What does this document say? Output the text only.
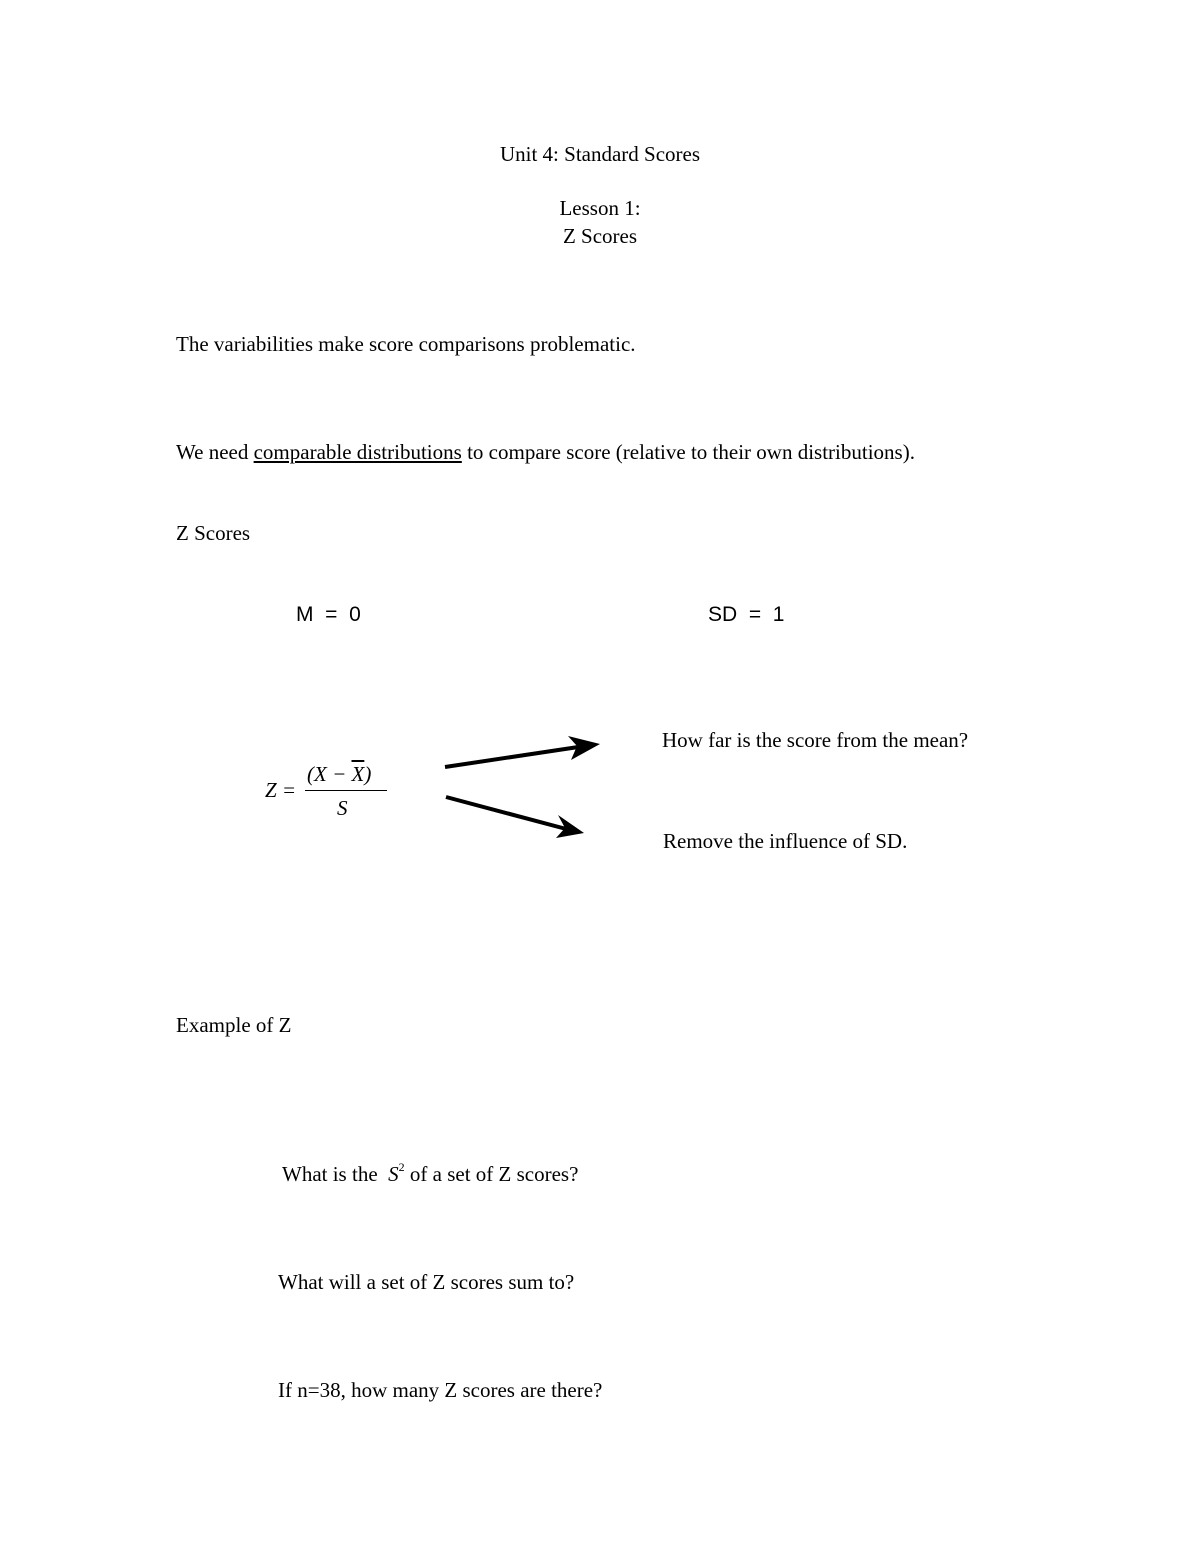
Unit 4: Standard Scores
Lesson 1:
Z Scores
The variabilities make score comparisons problematic.
We need comparable distributions to compare score (relative to their own distributions).
Z Scores
M  =  0	SD  =  1
Z =
$(X - \overline{X})$
S
How far is the score from the mean?
Remove the influence of SD.
Example of Z
What is the  $S^2$ of a set of Z scores?
What will a set of Z scores sum to?
If n=38, how many Z scores are there?
